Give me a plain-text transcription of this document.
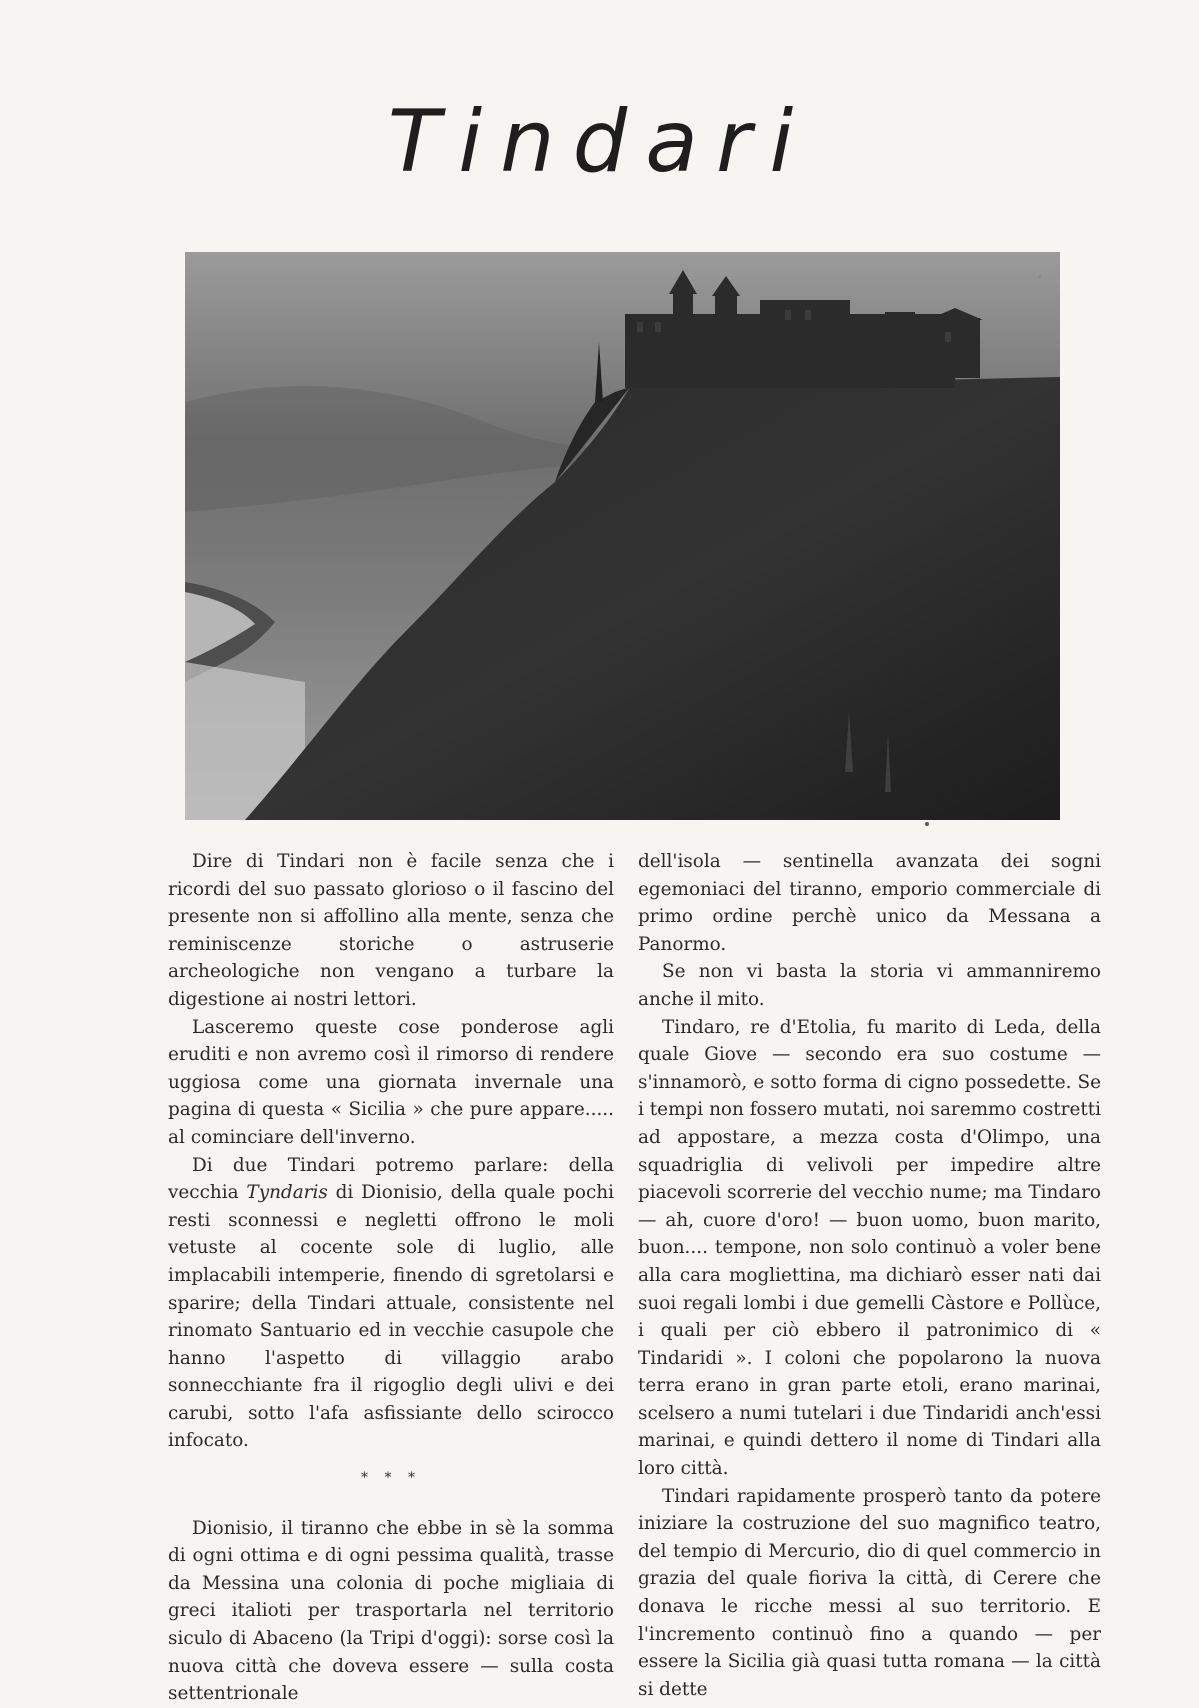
Tindari

Dire di Tindari non è facile senza che i ricordi del suo passato glorioso o il fascino del presente non si affollino alla mente, senza che reminiscenze storiche o astruserie archeologiche non vengano a turbare la digestione ai nostri lettori.

Lasceremo queste cose ponderose agli eruditi e non avremo così il rimorso di rendere uggiosa come una giornata invernale una pagina di questa « Sicilia » che pure appare..... al cominciare dell'inverno.

Di due Tindari potremo parlare: della vecchia Tyndaris di Dionisio, della quale pochi resti sconnessi e negletti offrono le moli vetuste al cocente sole di luglio, alle implacabili intemperie, finendo di sgretolarsi e sparire; della Tindari attuale, consistente nel rinomato Santuario ed in vecchie casupole che hanno l'aspetto di villaggio arabo sonnecchiante fra il rigoglio degli ulivi e dei carubi, sotto l'afa asfissiante dello scirocco infocato.

* * *

Dionisio, il tiranno che ebbe in sè la somma di ogni ottima e di ogni pessima qualità, trasse da Messina una colonia di poche migliaia di greci italioti per trasportarla nel territorio siculo di Abaceno (la Tripi d'oggi): sorse così la nuova città che doveva essere — sulla costa settentrionale

dell'isola — sentinella avanzata dei sogni egemoniaci del tiranno, emporio commerciale di primo ordine perchè unico da Messana a Panormo.

Se non vi basta la storia vi ammanniremo anche il mito.

Tindaro, re d'Etolia, fu marito di Leda, della quale Giove — secondo era suo costume — s'innamorò, e sotto forma di cigno possedette. Se i tempi non fossero mutati, noi saremmo costretti ad appostare, a mezza costa d'Olimpo, una squadriglia di velivoli per impedire altre piacevoli scorrerie del vecchio nume; ma Tindaro — ah, cuore d'oro! — buon uomo, buon marito, buon.... tempone, non solo continuò a voler bene alla cara mogliettina, ma dichiarò esser nati dai suoi regali lombi i due gemelli Càstore e Pollùce, i quali per ciò ebbero il patronimico di « Tindaridi ». I coloni che popolarono la nuova terra erano in gran parte etoli, erano marinai, scelsero a numi tutelari i due Tindaridi anch'essi marinai, e quindi dettero il nome di Tindari alla loro città.

Tindari rapidamente prosperò tanto da potere iniziare la costruzione del suo magnifico teatro, del tempio di Mercurio, dio di quel commercio in grazia del quale fioriva la città, di Cerere che donava le ricche messi al suo territorio. E l'incremento continuò fino a quando — per essere la Sicilia già quasi tutta romana — la città si dette
